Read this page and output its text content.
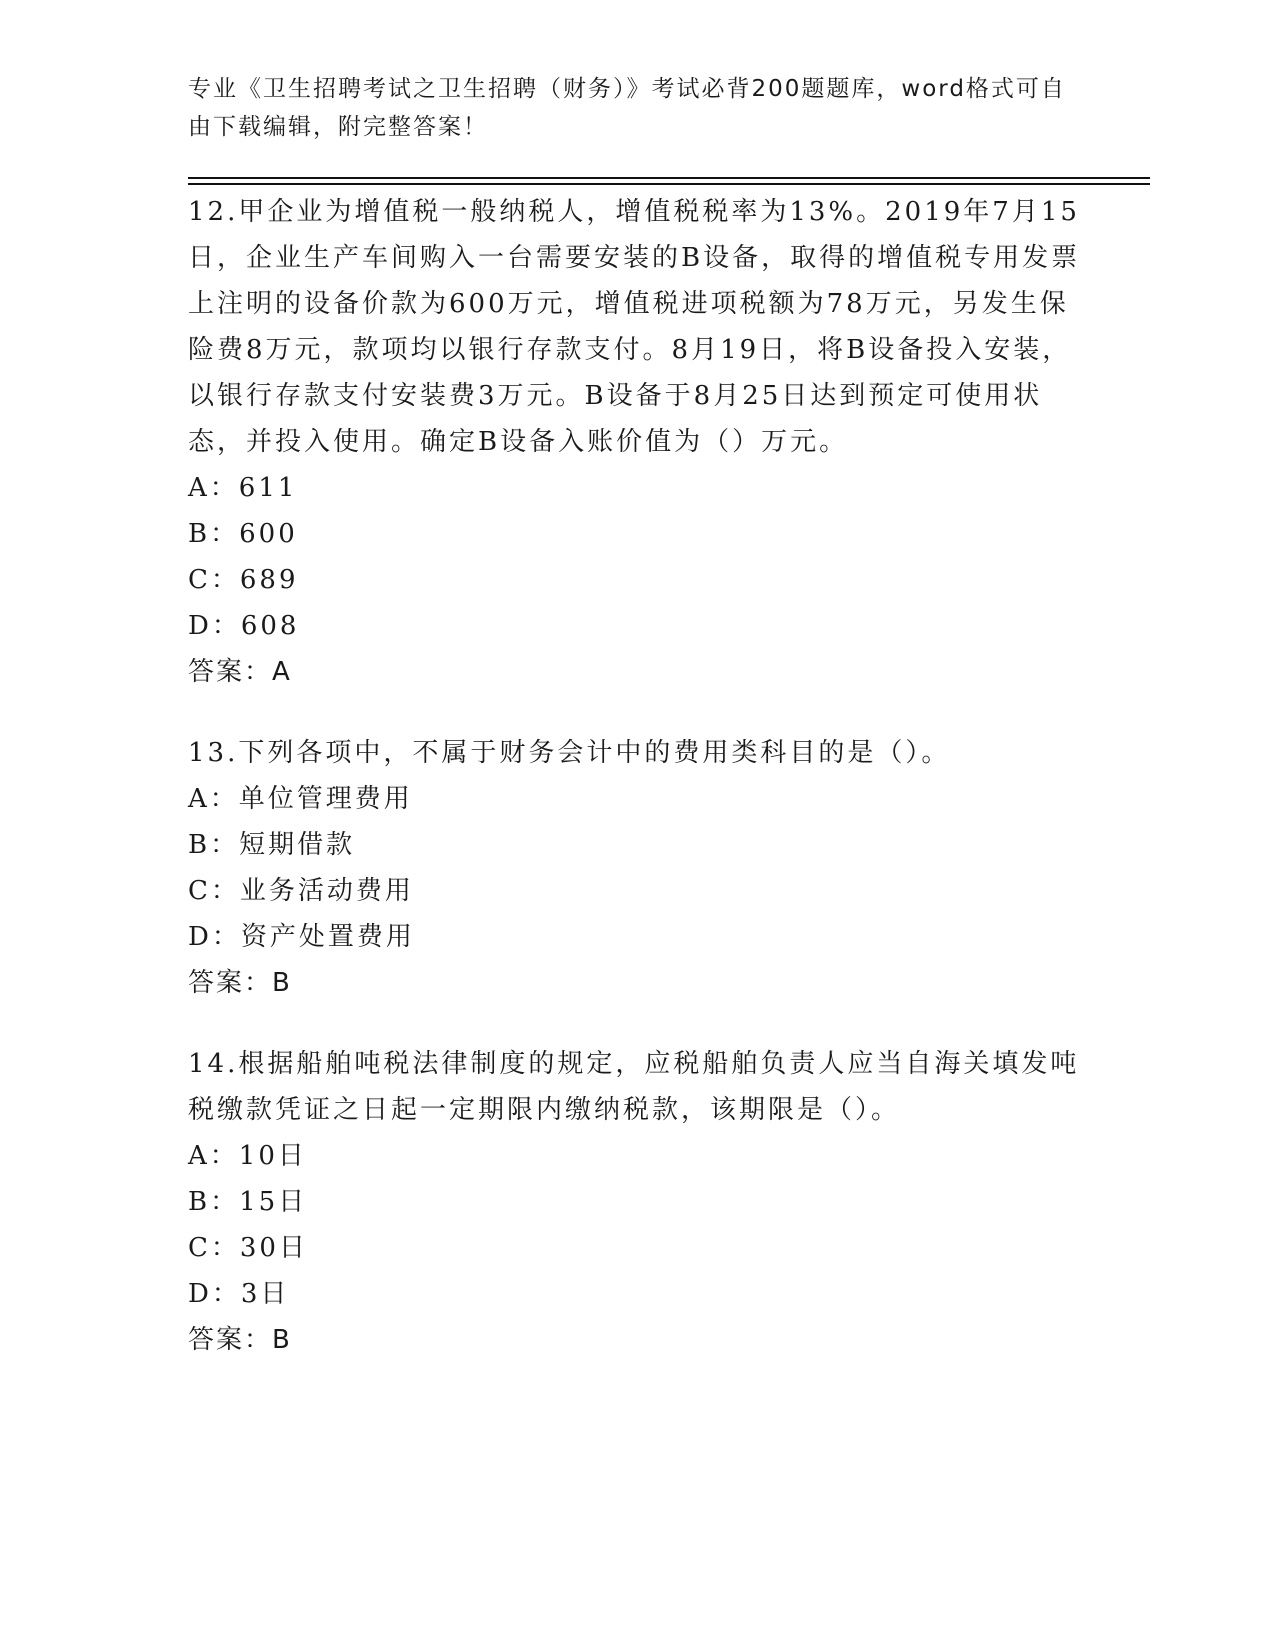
专业《卫生招聘考试之卫生招聘（财务）》考试必背200题题库，word格式可自
由下载编辑，附完整答案！

12.甲企业为增值税一般纳税人，增值税税率为13%。2019年7月15日，企业生产车间购入一台需要安装的B设备，取得的增值税专用发票上注明的设备价款为600万元，增值税进项税额为78万元，另发生保险费8万元，款项均以银行存款支付。8月19日，将B设备投入安装，以银行存款支付安装费3万元。B设备于8月25日达到预定可使用状态，并投入使用。确定B设备入账价值为（）万元。

A：611
B：600
C：689
D：608
答案：A

13.下列各项中，不属于财务会计中的费用类科目的是（）。

A：单位管理费用
B：短期借款
C：业务活动费用
D：资产处置费用
答案：B

14.根据船舶吨税法律制度的规定，应税船舶负责人应当自海关填发吨税缴款凭证之日起一定期限内缴纳税款，该期限是（）。

A：10日
B：15日
C：30日
D：3日
答案：B
